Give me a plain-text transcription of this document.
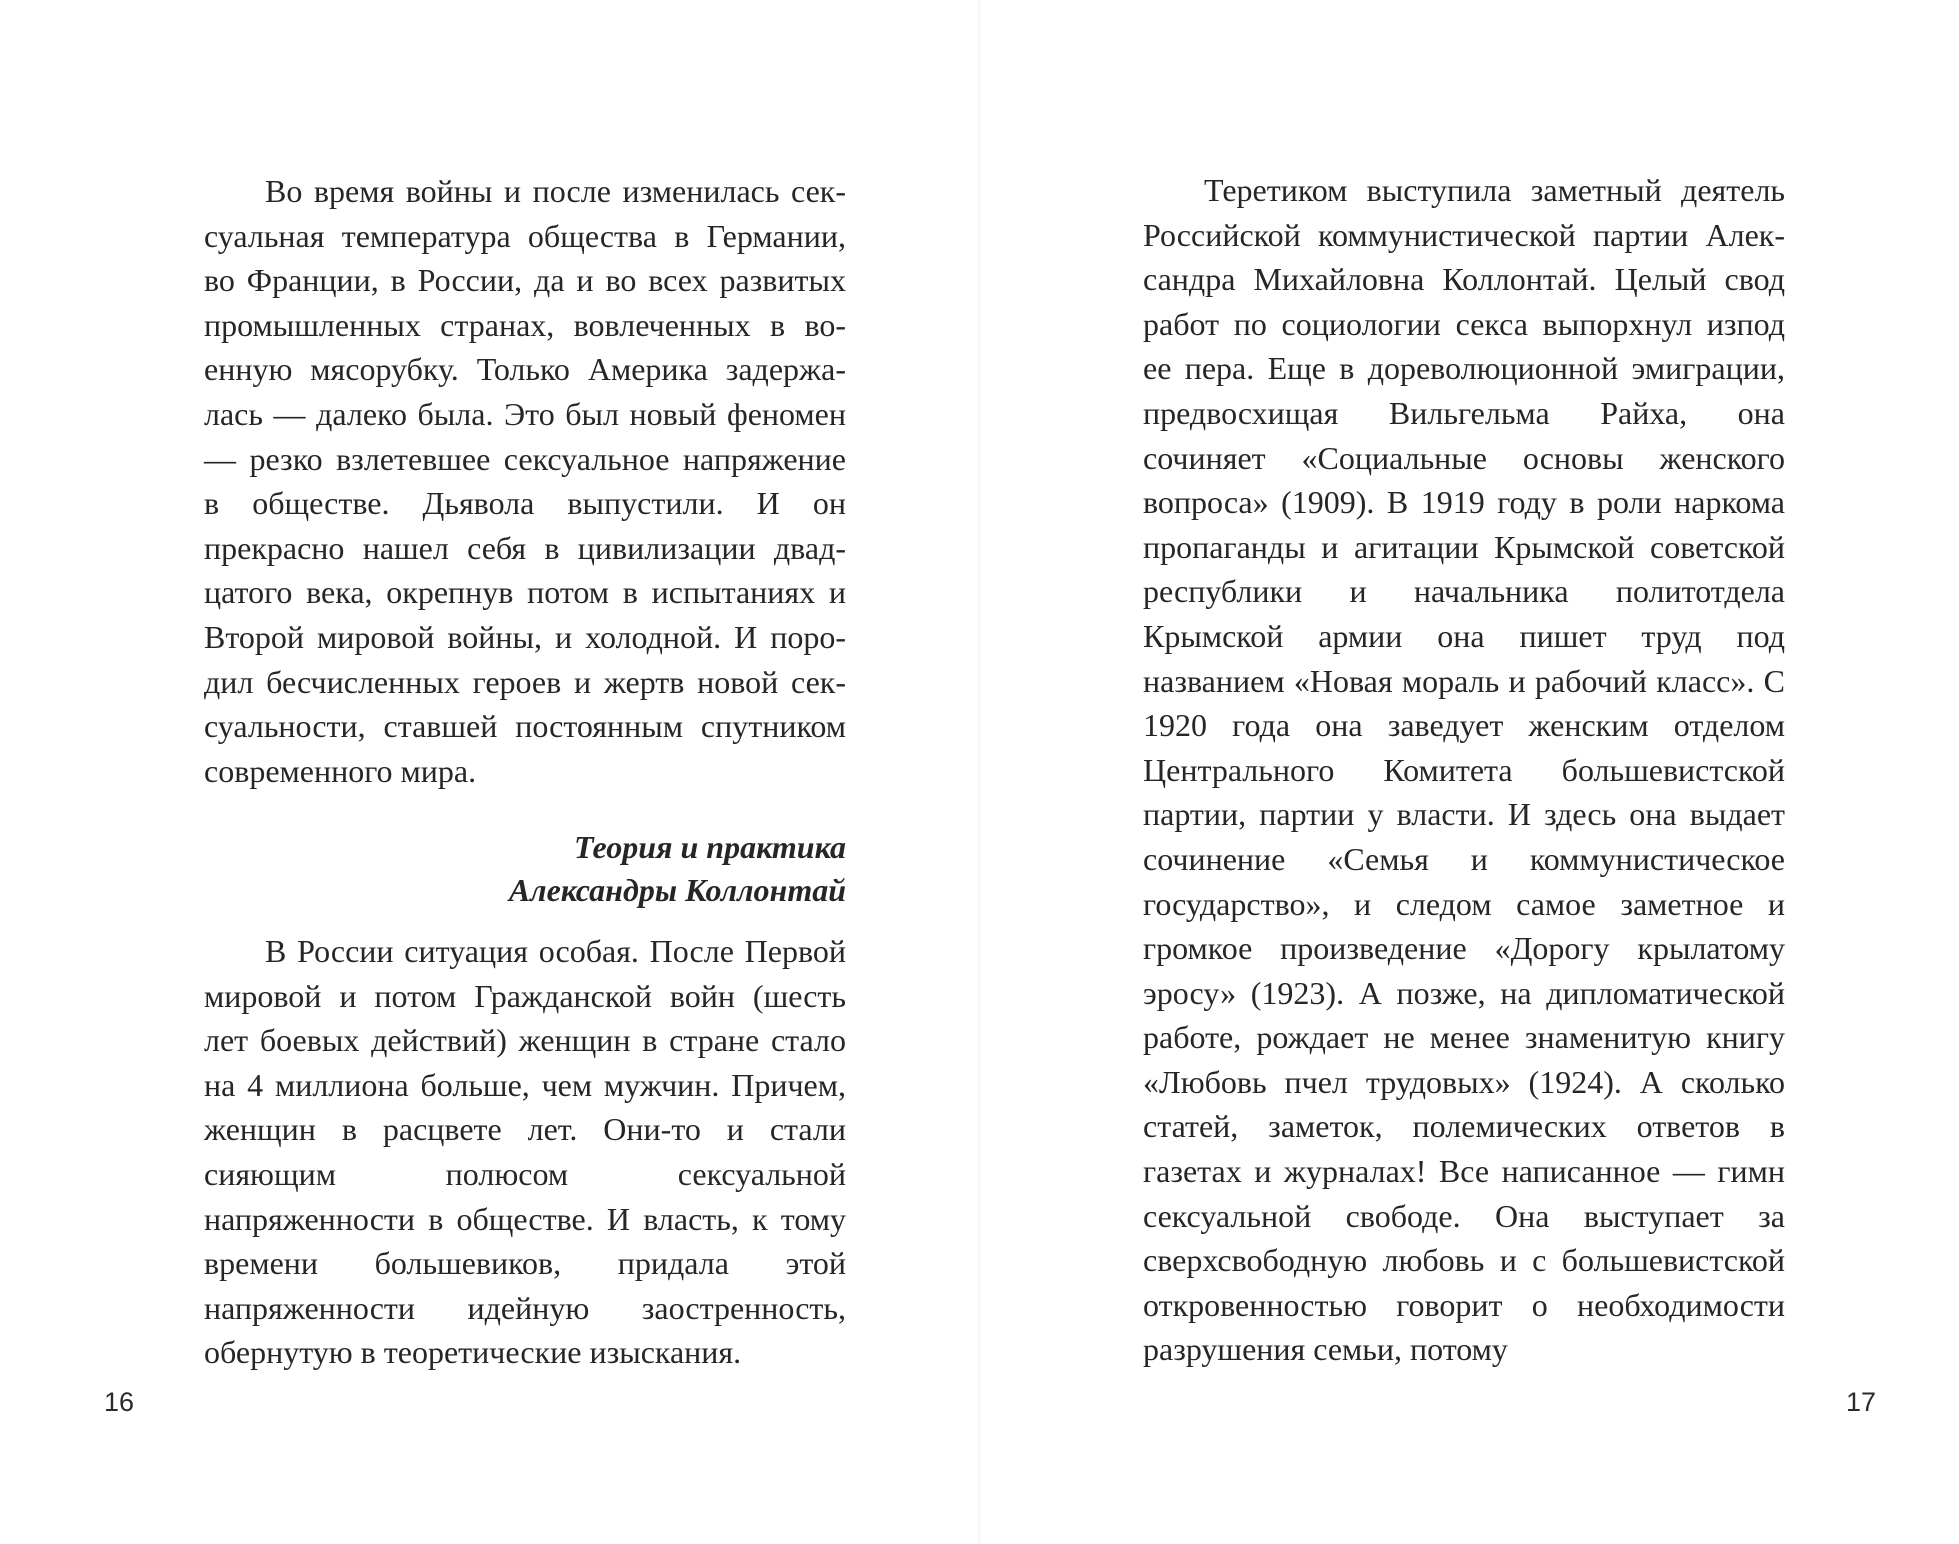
Во время войны и после изменилась сексуальная температура общества в Германии, во Франции, в России, да и во всех развитых промышленных странах, вовлеченных в военную мясорубку. Только Америка задержалась — далеко была. Это был новый феномен — резко взлетевшее сексуальное напряжение в обществе. Дьявола выпустили. И он прекрасно нашел себя в цивилизации двадцатого века, окрепнув потом в испытаниях и Второй мировой войны, и холодной. И породил бесчисленных героев и жертв новой сексуальности, ставшей постоянным спутником современного мира.

Теория и практика
Александры Коллонтай

В России ситуация особая. После Первой мировой и потом Гражданской войн (шесть лет боевых действий) женщин в стране стало на 4 миллиона больше, чем мужчин. Причем, женщин в расцвете лет. Они-то и стали сияющим полюсом сексуальной напряженности в обществе. И власть, к тому времени большевиков, придала этой напряженности идейную заостренность, обернутую в теоретические изыскания.

16

Теретиком выступила заметный деятель Российской коммунистической партии Александра Михайловна Коллонтай. Целый свод работ по социологии секса выпорхнул изпод ее пера. Еще в дореволюционной эмиграции, предвосхищая Вильгельма Райха, она сочиняет «Социальные основы женского вопроса» (1909). В 1919 году в роли наркома пропаганды и агитации Крымской советской республики и начальника политотдела Крымской армии она пишет труд под названием «Новая мораль и рабочий класс». С 1920 года она заведует женским отделом Центрального Комитета большевистской партии, партии у власти. И здесь она выдает сочинение «Семья и коммунистическое государство», и следом самое заметное и громкое произведение «Дорогу крылатому эросу» (1923). А позже, на дипломатической работе, рождает не менее знаменитую книгу «Любовь пчел трудовых» (1924). А сколько статей, заметок, полемических ответов в газетах и журналах! Все написанное — гимн сексуальной свободе. Она выступает за сверхсвободную любовь и с большевистской откровенностью говорит о необходимости разрушения семьи, потому

17
